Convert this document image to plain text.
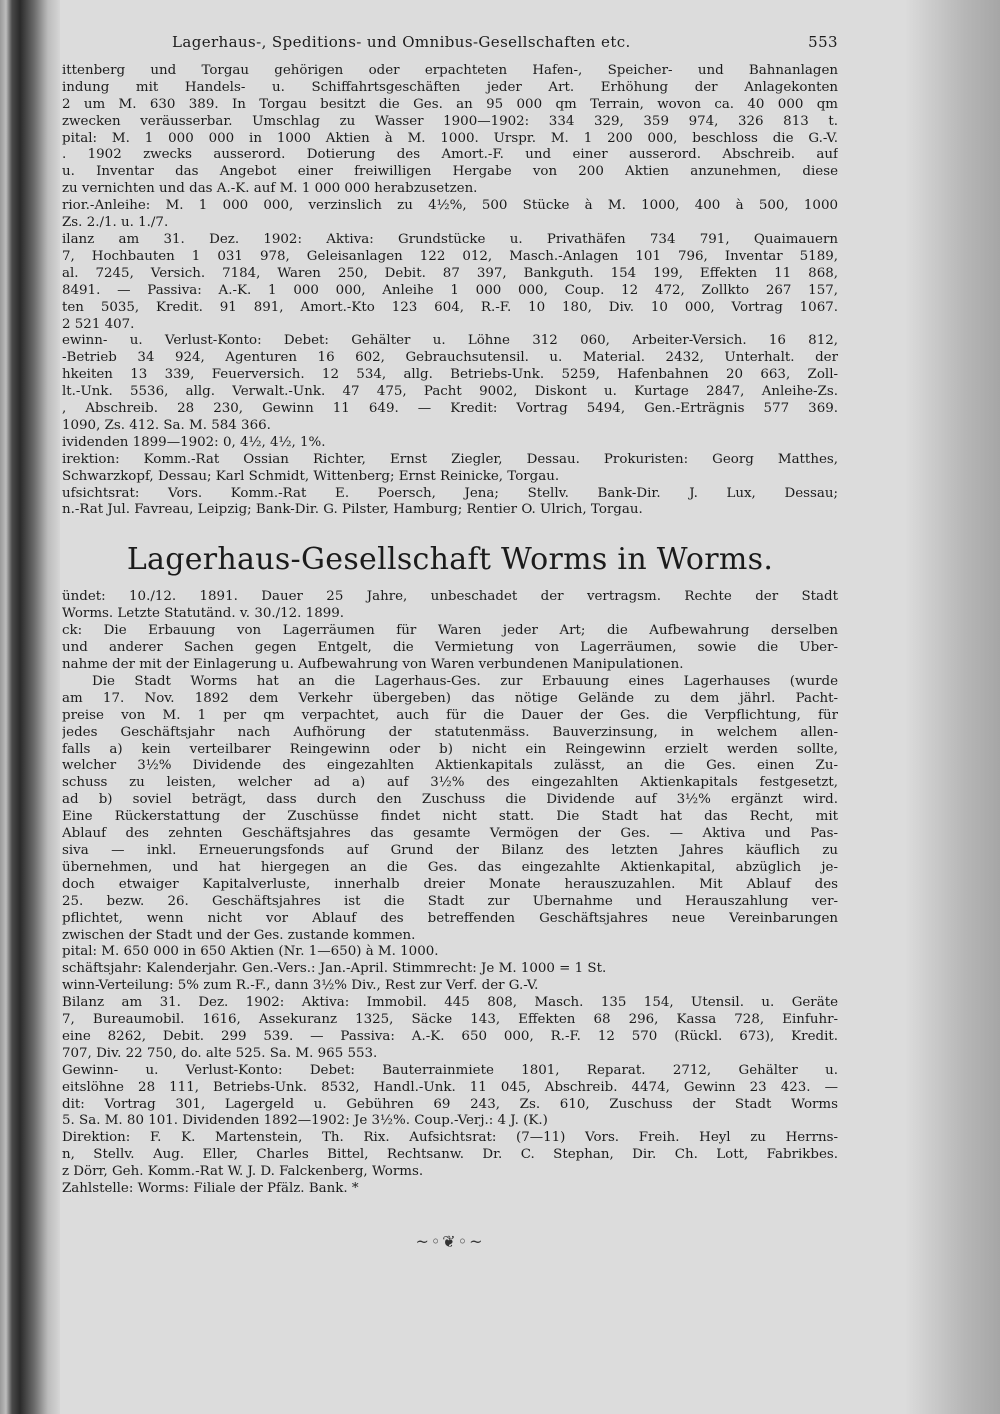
Lagerhaus-, Speditions- und Omnibus-Gesellschaften etc.	553
ittenberg und Torgau gehörigen oder erpachteten Hafen-, Speicher- und Bahnanlagen
indung mit Handels- u. Schiffahrtsgeschäften jeder Art. Erhöhung der Anlagekonten
2 um M. 630 389. In Torgau besitzt die Ges. an 95 000 qm Terrain, wovon ca. 40 000 qm
zwecken veräusserbar. Umschlag zu Wasser 1900—1902: 334 329, 359 974, 326 813 t.
pital: M. 1 000 000 in 1000 Aktien à M. 1000. Urspr. M. 1 200 000, beschloss die G.-V.
. 1902 zwecks ausserord. Dotierung des Amort.-F. und einer ausserord. Abschreib. auf
u. Inventar das Angebot einer freiwilligen Hergabe von 200 Aktien anzunehmen, diese
zu vernichten und das A.-K. auf M. 1 000 000 herabzusetzen.
rior.-Anleihe: M. 1 000 000, verzinslich zu 4½%, 500 Stücke à M. 1000, 400 à 500, 1000
Zs. 2./1. u. 1./7.
ilanz am 31. Dez. 1902: Aktiva: Grundstücke u. Privathäfen 734 791, Quaimauern
7, Hochbauten 1 031 978, Geleisanlagen 122 012, Masch.-Anlagen 101 796, Inventar 5189,
al. 7245, Versich. 7184, Waren 250, Debit. 87 397, Bankguth. 154 199, Effekten 11 868,
8491. — Passiva: A.-K. 1 000 000, Anleihe 1 000 000, Coup. 12 472, Zollkto 267 157,
ten 5035, Kredit. 91 891, Amort.-Kto 123 604, R.-F. 10 180, Div. 10 000, Vortrag 1067.
2 521 407.
ewinn- u. Verlust-Konto: Debet: Gehälter u. Löhne 312 060, Arbeiter-Versich. 16 812,
-Betrieb 34 924, Agenturen 16 602, Gebrauchsutensil. u. Material. 2432, Unterhalt. der
hkeiten 13 339, Feuerversich. 12 534, allg. Betriebs-Unk. 5259, Hafenbahnen 20 663, Zoll-
lt.-Unk. 5536, allg. Verwalt.-Unk. 47 475, Pacht 9002, Diskont u. Kurtage 2847, Anleihe-Zs.
, Abschreib. 28 230, Gewinn 11 649. — Kredit: Vortrag 5494, Gen.-Erträgnis 577 369.
1090, Zs. 412. Sa. M. 584 366.
ividenden 1899—1902: 0, 4½, 4½, 1%.
irektion: Komm.-Rat Ossian Richter, Ernst Ziegler, Dessau. Prokuristen: Georg Matthes,
Schwarzkopf, Dessau; Karl Schmidt, Wittenberg; Ernst Reinicke, Torgau.
ufsichtsrat: Vors. Komm.-Rat E. Poersch, Jena; Stellv. Bank-Dir. J. Lux, Dessau;
n.-Rat Jul. Favreau, Leipzig; Bank-Dir. G. Pilster, Hamburg; Rentier O. Ulrich, Torgau.
Lagerhaus-Gesellschaft Worms in Worms.
ündet: 10./12. 1891. Dauer 25 Jahre, unbeschadet der vertragsm. Rechte der Stadt
Worms. Letzte Statutänd. v. 30./12. 1899.
ck: Die Erbauung von Lagerräumen für Waren jeder Art; die Aufbewahrung derselben
und anderer Sachen gegen Entgelt, die Vermietung von Lagerräumen, sowie die Über-
nahme der mit der Einlagerung u. Aufbewahrung von Waren verbundenen Manipulationen.
Die Stadt Worms hat an die Lagerhaus-Ges. zur Erbauung eines Lagerhauses (wurde
am 17. Nov. 1892 dem Verkehr übergeben) das nötige Gelände zu dem jährl. Pacht-
preise von M. 1 per qm verpachtet, auch für die Dauer der Ges. die Verpflichtung, für
jedes Geschäftsjahr nach Aufhörung der statutenmäss. Bauverzinsung, in welchem allen-
falls a) kein verteilbarer Reingewinn oder b) nicht ein Reingewinn erzielt werden sollte,
welcher 3½% Dividende des eingezahlten Aktienkapitals zulässt, an die Ges. einen Zu-
schuss zu leisten, welcher ad a) auf 3½% des eingezahlten Aktienkapitals festgesetzt,
ad b) soviel beträgt, dass durch den Zuschuss die Dividende auf 3½% ergänzt wird.
Eine Rückerstattung der Zuschüsse findet nicht statt. Die Stadt hat das Recht, mit
Ablauf des zehnten Geschäftsjahres das gesamte Vermögen der Ges. — Aktiva und Pas-
siva — inkl. Erneuerungsfonds auf Grund der Bilanz des letzten Jahres käuflich zu
übernehmen, und hat hiergegen an die Ges. das eingezahlte Aktienkapital, abzüglich je-
doch etwaiger Kapitalverluste, innerhalb dreier Monate herauszuzahlen. Mit Ablauf des
25. bezw. 26. Geschäftsjahres ist die Stadt zur Übernahme und Herauszahlung ver-
pflichtet, wenn nicht vor Ablauf des betreffenden Geschäftsjahres neue Vereinbarungen
zwischen der Stadt und der Ges. zustande kommen.
pital: M. 650 000 in 650 Aktien (Nr. 1—650) à M. 1000.
schäftsjahr: Kalenderjahr. Gen.-Vers.: Jan.-April. Stimmrecht: Je M. 1000 = 1 St.
winn-Verteilung: 5% zum R.-F., dann 3½% Div., Rest zur Verf. der G.-V.
Bilanz am 31. Dez. 1902: Aktiva: Immobil. 445 808, Masch. 135 154, Utensil. u. Geräte
7, Bureaumobil. 1616, Assekuranz 1325, Säcke 143, Effekten 68 296, Kassa 728, Einfuhr-
eine 8262, Debit. 299 539. — Passiva: A.-K. 650 000, R.-F. 12 570 (Rückl. 673), Kredit.
707, Div. 22 750, do. alte 525. Sa. M. 965 553.
Gewinn- u. Verlust-Konto: Debet: Bauterrainmiete 1801, Reparat. 2712, Gehälter u.
eitslöhne 28 111, Betriebs-Unk. 8532, Handl.-Unk. 11 045, Abschreib. 4474, Gewinn 23 423. —
dit: Vortrag 301, Lagergeld u. Gebühren 69 243, Zs. 610, Zuschuss der Stadt Worms
5. Sa. M. 80 101. Dividenden 1892—1902: Je 3½%. Coup.-Verj.: 4 J. (K.)
Direktion: F. K. Martenstein, Th. Rix. Aufsichtsrat: (7—11) Vors. Freih. Heyl zu Herrns-
n, Stellv. Aug. Eller, Charles Bittel, Rechtsanw. Dr. C. Stephan, Dir. Ch. Lott, Fabrikbes.
z Dörr, Geh. Komm.-Rat W. J. D. Falckenberg, Worms.
Zahlstelle: Worms: Filiale der Pfälz. Bank. *
~◦❦◦~
